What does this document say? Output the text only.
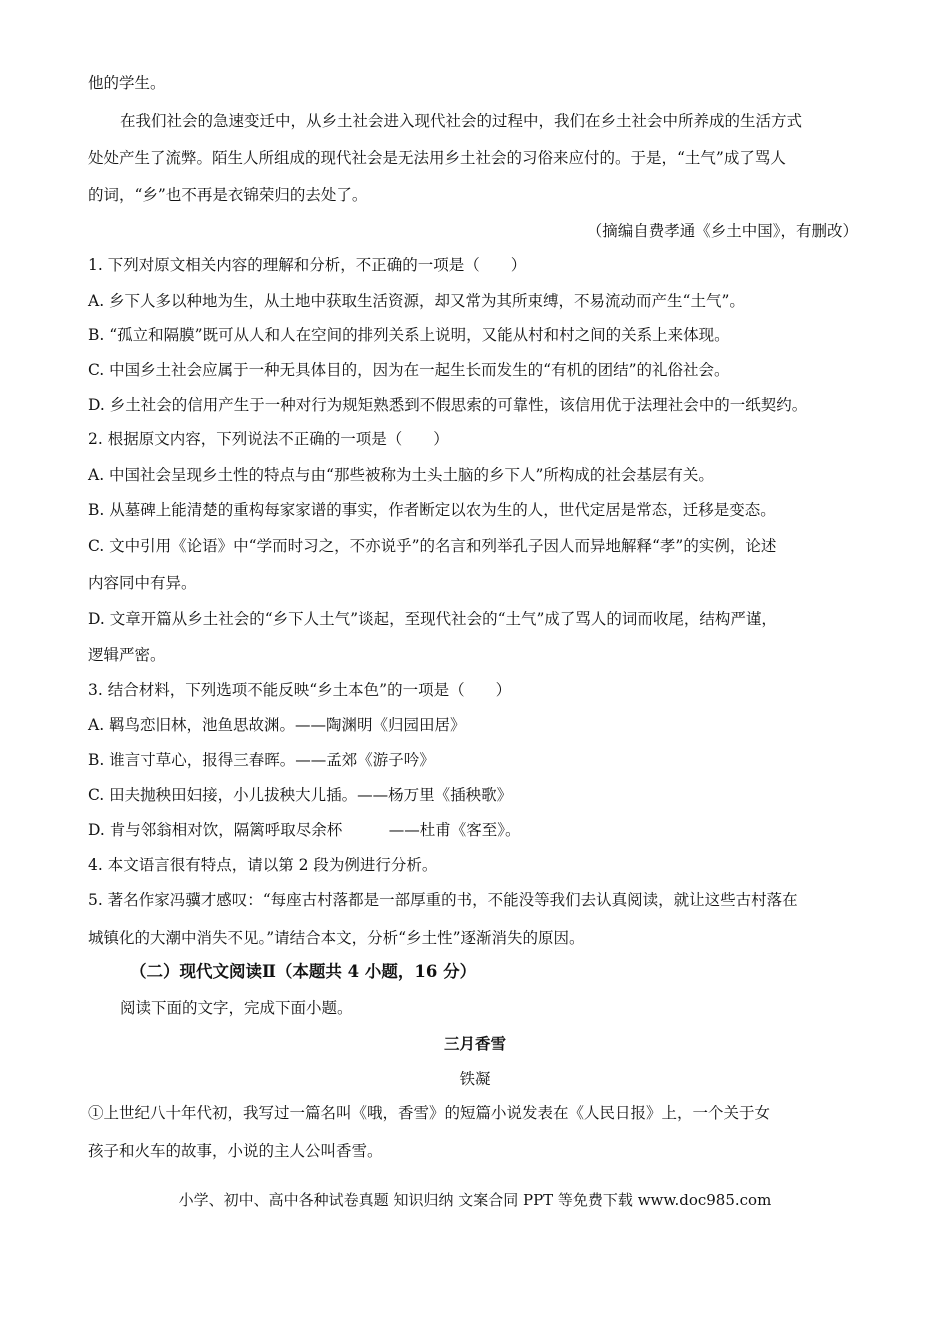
他的学生。
在我们社会的急速变迁中，从乡土社会进入现代社会的过程中，我们在乡土社会中所养成的生活方式
处处产生了流弊。陌生人所组成的现代社会是无法用乡土社会的习俗来应付的。于是，“土气”成了骂人
的词，“乡”也不再是衣锦荣归的去处了。
（摘编自费孝通《乡土中国》，有删改）
1. 下列对原文相关内容的理解和分析，不正确的一项是（　　）
A. 乡下人多以种地为生，从土地中获取生活资源，却又常为其所束缚，不易流动而产生“土气”。
B. “孤立和隔膜”既可从人和人在空间的排列关系上说明，又能从村和村之间的关系上来体现。
C. 中国乡土社会应属于一种无具体目的，因为在一起生长而发生的“有机的团结”的礼俗社会。
D. 乡土社会的信用产生于一种对行为规矩熟悉到不假思索的可靠性，该信用优于法理社会中的一纸契约。
2. 根据原文内容，下列说法不正确的一项是（　　）
A. 中国社会呈现乡土性的特点与由“那些被称为土头土脑的乡下人”所构成的社会基层有关。
B. 从墓碑上能清楚的重构每家家谱的事实，作者断定以农为生的人，世代定居是常态，迁移是变态。
C. 文中引用《论语》中“学而时习之，不亦说乎”的名言和列举孔子因人而异地解释“孝”的实例，论述
内容同中有异。
D. 文章开篇从乡土社会的“乡下人土气”谈起，至现代社会的“土气”成了骂人的词而收尾，结构严谨，
逻辑严密。
3. 结合材料，下列选项不能反映“乡土本色”的一项是（　　）
A. 羁鸟恋旧林，池鱼思故渊。——陶渊明《归园田居》
B. 谁言寸草心，报得三春晖。——孟郊《游子吟》
C. 田夫抛秧田妇接，小儿拔秧大儿插。——杨万里《插秧歌》
D. 肯与邻翁相对饮，隔篱呼取尽余杯　　　——杜甫《客至》。
4. 本文语言很有特点，请以第 2 段为例进行分析。
5. 著名作家冯骥才感叹：“每座古村落都是一部厚重的书，不能没等我们去认真阅读，就让这些古村落在
城镇化的大潮中消失不见。”请结合本文，分析“乡土性”逐渐消失的原因。
（二）现代文阅读Ⅱ（本题共 4 小题，16 分）
阅读下面的文字，完成下面小题。
三月香雪
铁凝
①上世纪八十年代初，我写过一篇名叫《哦，香雪》的短篇小说发表在《人民日报》上，一个关于女
孩子和火车的故事，小说的主人公叫香雪。
小学、初中、高中各种试卷真题 知识归纳 文案合同 PPT 等免费下载 www.doc985.com
